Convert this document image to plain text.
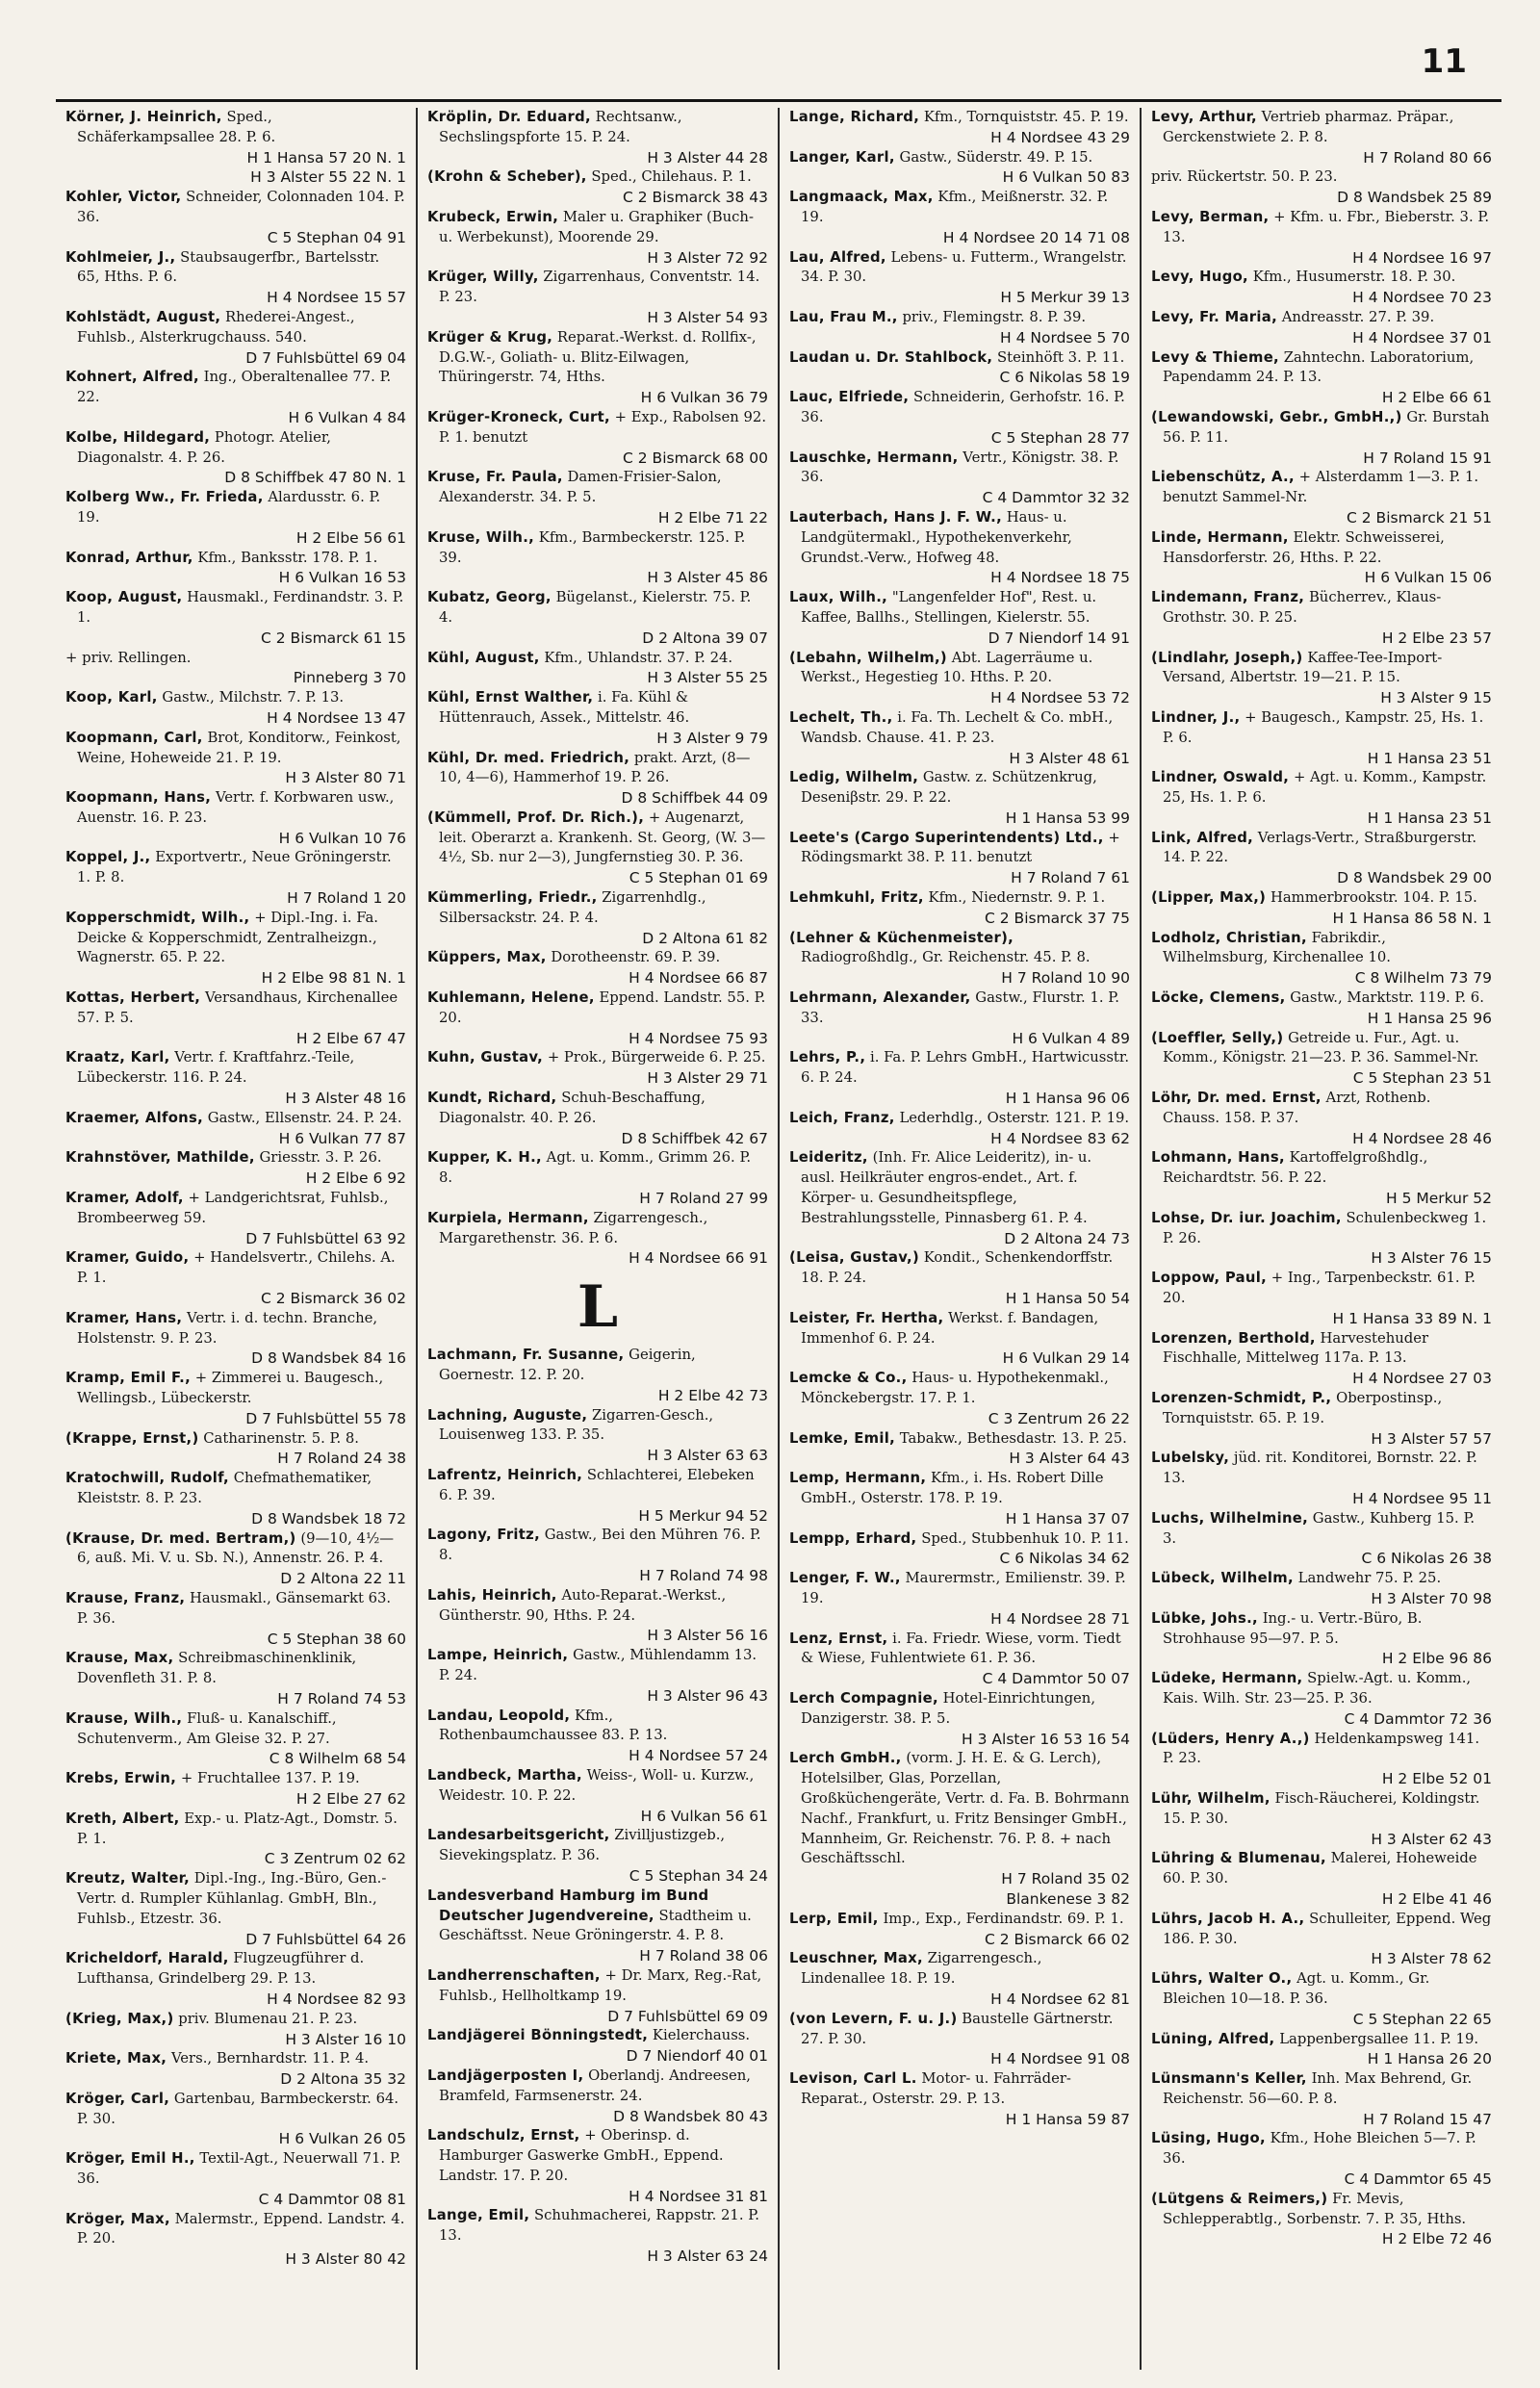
11

Körner, J. Heinrich, Sped., Schäferkampsallee 28. P. 6.
H 1 Hansa 57 20 N. 1
H 3 Alster 55 22 N. 1

Kohler, Victor, Schneider, Colonnaden 104. P. 36.
C 5 Stephan 04 91

Kohlmeier, J., Staubsaugerfbr., Bartelsstr. 65, Hths. P. 6.
H 4 Nordsee 15 57

Kohlstädt, August, Rhederei-Angest., Fuhlsb., Alsterkrugchauss. 540.
D 7 Fuhlsbüttel 69 04

Kohnert, Alfred, Ing., Oberaltenallee 77. P. 22.
H 6 Vulkan 4 84

Kolbe, Hildegard, Photogr. Atelier, Diagonalstr. 4. P. 26.
D 8 Schiffbek 47 80 N. 1

Kolberg Ww., Fr. Frieda, Alardusstr. 6. P. 19.
H 2 Elbe 56 61

Konrad, Arthur, Kfm., Banksstr. 178. P. 1.
H 6 Vulkan 16 53

Koop, August, Hausmakl., Ferdinandstr. 3. P. 1.
C 2 Bismarck 61 15

+ priv. Rellingen.
Pinneberg 3 70

Koop, Karl, Gastw., Milchstr. 7. P. 13.
H 4 Nordsee 13 47

Koopmann, Carl, Brot, Konditorw., Feinkost, Weine, Hoheweide 21. P. 19.
H 3 Alster 80 71

Koopmann, Hans, Vertr. f. Korbwaren usw., Auenstr. 16. P. 23.
H 6 Vulkan 10 76

Koppel, J., Exportvertr., Neue Gröningerstr. 1. P. 8.
H 7 Roland 1 20

Kopperschmidt, Wilh., + Dipl.-Ing. i. Fa. Deicke & Kopperschmidt, Zentralheizgn., Wagnerstr. 65. P. 22.
H 2 Elbe 98 81 N. 1

Kottas, Herbert, Versandhaus, Kirchenallee 57. P. 5.
H 2 Elbe 67 47

Kraatz, Karl, Vertr. f. Kraftfahrz.-Teile, Lübeckerstr. 116. P. 24.
H 3 Alster 48 16

Kraemer, Alfons, Gastw., Ellsenstr. 24. P. 24.
H 6 Vulkan 77 87

Krahnstöver, Mathilde, Griesstr. 3. P. 26.
H 2 Elbe 6 92

Kramer, Adolf, + Landgerichtsrat, Fuhlsb., Brombeerweg 59.
D 7 Fuhlsbüttel 63 92

Kramer, Guido, + Handelsvertr., Chilehs. A. P. 1.
C 2 Bismarck 36 02

Kramer, Hans, Vertr. i. d. techn. Branche, Holstenstr. 9. P. 23.
D 8 Wandsbek 84 16

Kramp, Emil F., + Zimmerei u. Baugesch., Wellingsb., Lübeckerstr.
D 7 Fuhlsbüttel 55 78

(Krappe, Ernst,) Catharinenstr. 5. P. 8.
H 7 Roland 24 38

Kratochwill, Rudolf, Chefmathematiker, Kleiststr. 8. P. 23.
D 8 Wandsbek 18 72

(Krause, Dr. med. Bertram,) (9—10, 4½—6, auß. Mi. V. u. Sb. N.), Annenstr. 26. P. 4.
D 2 Altona 22 11

Krause, Franz, Hausmakl., Gänsemarkt 63. P. 36.
C 5 Stephan 38 60

Krause, Max, Schreibmaschinenklinik, Dovenfleth 31. P. 8.
H 7 Roland 74 53

Krause, Wilh., Fluß- u. Kanalschiff., Schutenverm., Am Gleise 32. P. 27.
C 8 Wilhelm 68 54

Krebs, Erwin, + Fruchtallee 137. P. 19.
H 2 Elbe 27 62

Kreth, Albert, Exp.- u. Platz-Agt., Domstr. 5. P. 1.
C 3 Zentrum 02 62

Kreutz, Walter, Dipl.-Ing., Ing.-Büro, Gen.-Vertr. d. Rumpler Kühlanlag. GmbH, Bln., Fuhlsb., Etzestr. 36.
D 7 Fuhlsbüttel 64 26

Kricheldorf, Harald, Flugzeugführer d. Lufthansa, Grindelberg 29. P. 13.
H 4 Nordsee 82 93

(Krieg, Max,) priv. Blumenau 21. P. 23.
H 3 Alster 16 10

Kriete, Max, Vers., Bernhardstr. 11. P. 4.
D 2 Altona 35 32

Kröger, Carl, Gartenbau, Barmbeckerstr. 64. P. 30.
H 6 Vulkan 26 05

Kröger, Emil H., Textil-Agt., Neuerwall 71. P. 36.
C 4 Dammtor 08 81

Kröger, Max, Malermstr., Eppend. Landstr. 4. P. 20.
H 3 Alster 80 42

Kröplin, Dr. Eduard, Rechtsanw., Sechslingspforte 15. P. 24.
H 3 Alster 44 28

(Krohn & Scheber), Sped., Chilehaus. P. 1.
C 2 Bismarck 38 43

Krubeck, Erwin, Maler u. Graphiker (Buch- u. Werbekunst), Moorende 29.
H 3 Alster 72 92

Krüger, Willy, Zigarrenhaus, Conventstr. 14. P. 23.
H 3 Alster 54 93

Krüger & Krug, Reparat.-Werkst. d. Rollfix-, D.G.W.-, Goliath- u. Blitz-Eilwagen, Thüringerstr. 74, Hths.
H 6 Vulkan 36 79

Krüger-Kroneck, Curt, + Exp., Rabolsen 92. P. 1. benutzt
C 2 Bismarck 68 00

Kruse, Fr. Paula, Damen-Frisier-Salon, Alexanderstr. 34. P. 5.
H 2 Elbe 71 22

Kruse, Wilh., Kfm., Barmbeckerstr. 125. P. 39.
H 3 Alster 45 86

Kubatz, Georg, Bügelanst., Kielerstr. 75. P. 4.
D 2 Altona 39 07

Kühl, August, Kfm., Uhlandstr. 37. P. 24.
H 3 Alster 55 25

Kühl, Ernst Walther, i. Fa. Kühl & Hüttenrauch, Assek., Mittelstr. 46.
H 3 Alster 9 79

Kühl, Dr. med. Friedrich, prakt. Arzt, (8—10, 4—6), Hammerhof 19. P. 26.
D 8 Schiffbek 44 09

(Kümmell, Prof. Dr. Rich.), + Augenarzt, leit. Oberarzt a. Krankenh. St. Georg, (W. 3—4½, Sb. nur 2—3), Jungfernstieg 30. P. 36.
C 5 Stephan 01 69

Kümmerling, Friedr., Zigarrenhdlg., Silbersackstr. 24. P. 4.
D 2 Altona 61 82

Küppers, Max, Dorotheenstr. 69. P. 39.
H 4 Nordsee 66 87

Kuhlemann, Helene, Eppend. Landstr. 55. P. 20.
H 4 Nordsee 75 93

Kuhn, Gustav, + Prok., Bürgerweide 6. P. 25.
H 3 Alster 29 71

Kundt, Richard, Schuh-Beschaffung, Diagonalstr. 40. P. 26.
D 8 Schiffbek 42 67

Kupper, K. H., Agt. u. Komm., Grimm 26. P. 8.
H 7 Roland 27 99

Kurpiela, Hermann, Zigarrengesch., Margarethenstr. 36. P. 6.
H 4 Nordsee 66 91

L

Lachmann, Fr. Susanne, Geigerin, Goernestr. 12. P. 20.
H 2 Elbe 42 73

Lachning, Auguste, Zigarren-Gesch., Louisenweg 133. P. 35.
H 3 Alster 63 63

Lafrentz, Heinrich, Schlachterei, Elebeken 6. P. 39.
H 5 Merkur 94 52

Lagony, Fritz, Gastw., Bei den Mühren 76. P. 8.
H 7 Roland 74 98

Lahis, Heinrich, Auto-Reparat.-Werkst., Güntherstr. 90, Hths. P. 24.
H 3 Alster 56 16

Lampe, Heinrich, Gastw., Mühlendamm 13. P. 24.
H 3 Alster 96 43

Landau, Leopold, Kfm., Rothenbaumchaussee 83. P. 13.
H 4 Nordsee 57 24

Landbeck, Martha, Weiss-, Woll- u. Kurzw., Weidestr. 10. P. 22.
H 6 Vulkan 56 61

Landesarbeitsgericht, Zivilljustizgeb., Sievekingsplatz. P. 36.
C 5 Stephan 34 24

Landesverband Hamburg im Bund Deutscher Jugendvereine, Stadtheim u. Geschäftsst. Neue Gröningerstr. 4. P. 8.
H 7 Roland 38 06

Landherrenschaften, + Dr. Marx, Reg.-Rat, Fuhlsb., Hellholtkamp 19.
D 7 Fuhlsbüttel 69 09

Landjägerei Bönningstedt, Kielerchauss.
D 7 Niendorf 40 01

Landjägerposten I, Oberlandj. Andreesen, Bramfeld, Farmsenerstr. 24.
D 8 Wandsbek 80 43

Landschulz, Ernst, + Oberinsp. d. Hamburger Gaswerke GmbH., Eppend. Landstr. 17. P. 20.
H 4 Nordsee 31 81

Lange, Emil, Schuhmacherei, Rappstr. 21. P. 13.
H 3 Alster 63 24

Lange, Richard, Kfm., Tornquiststr. 45. P. 19.
H 4 Nordsee 43 29

Langer, Karl, Gastw., Süderstr. 49. P. 15.
H 6 Vulkan 50 83

Langmaack, Max, Kfm., Meißnerstr. 32. P. 19.
H 4 Nordsee 20 14 71 08

Lau, Alfred, Lebens- u. Futterm., Wrangelstr. 34. P. 30.
H 5 Merkur 39 13

Lau, Frau M., priv., Flemingstr. 8. P. 39.
H 4 Nordsee 5 70

Laudan u. Dr. Stahlbock, Steinhöft 3. P. 11.
C 6 Nikolas 58 19

Lauc, Elfriede, Schneiderin, Gerhofstr. 16. P. 36.
C 5 Stephan 28 77

Lauschke, Hermann, Vertr., Königstr. 38. P. 36.
C 4 Dammtor 32 32

Lauterbach, Hans J. F. W., Haus- u. Landgütermakl., Hypothekenverkehr, Grundst.-Verw., Hofweg 48.
H 4 Nordsee 18 75

Laux, Wilh., "Langenfelder Hof", Rest. u. Kaffee, Ballhs., Stellingen, Kielerstr. 55.
D 7 Niendorf 14 91

(Lebahn, Wilhelm,) Abt. Lagerräume u. Werkst., Hegestieg 10. Hths. P. 20.
H 4 Nordsee 53 72

Lechelt, Th., i. Fa. Th. Lechelt & Co. mbH., Wandsb. Chause. 41. P. 23.
H 3 Alster 48 61

Ledig, Wilhelm, Gastw. z. Schützenkrug, Deseniβstr. 29. P. 22.
H 1 Hansa 53 99

Leete's (Cargo Superintendents) Ltd., + Rödingsmarkt 38. P. 11. benutzt
H 7 Roland 7 61

Lehmkuhl, Fritz, Kfm., Niedernstr. 9. P. 1.
C 2 Bismarck 37 75

(Lehner & Küchenmeister), Radiogroßhdlg., Gr. Reichenstr. 45. P. 8.
H 7 Roland 10 90

Lehrmann, Alexander, Gastw., Flurstr. 1. P. 33.
H 6 Vulkan 4 89

Lehrs, P., i. Fa. P. Lehrs GmbH., Hartwicusstr. 6. P. 24.
H 1 Hansa 96 06

Leich, Franz, Lederhdlg., Osterstr. 121. P. 19.
H 4 Nordsee 83 62

Leideritz, (Inh. Fr. Alice Leideritz), in- u. ausl. Heilkräuter engros-endet., Art. f. Körper- u. Gesundheitspflege, Bestrahlungsstelle, Pinnasberg 61. P. 4.
D 2 Altona 24 73

(Leisa, Gustav,) Kondit., Schenkendorffstr. 18. P. 24.
H 1 Hansa 50 54

Leister, Fr. Hertha, Werkst. f. Bandagen, Immenhof 6. P. 24.
H 6 Vulkan 29 14

Lemcke & Co., Haus- u. Hypothekenmakl., Mönckebergstr. 17. P. 1.
C 3 Zentrum 26 22

Lemke, Emil, Tabakw., Bethesdastr. 13. P. 25.
H 3 Alster 64 43

Lemp, Hermann, Kfm., i. Hs. Robert Dille GmbH., Osterstr. 178. P. 19.
H 1 Hansa 37 07

Lempp, Erhard, Sped., Stubbenhuk 10. P. 11.
C 6 Nikolas 34 62

Lenger, F. W., Maurermstr., Emilienstr. 39. P. 19.
H 4 Nordsee 28 71

Lenz, Ernst, i. Fa. Friedr. Wiese, vorm. Tiedt & Wiese, Fuhlentwiete 61. P. 36.
C 4 Dammtor 50 07

Lerch Compagnie, Hotel-Einrichtungen, Danzigerstr. 38. P. 5.
H 3 Alster 16 53 16 54

Lerch GmbH., (vorm. J. H. E. & G. Lerch), Hotelsilber, Glas, Porzellan, Großküchengeräte, Vertr. d. Fa. B. Bohrmann Nachf., Frankfurt, u. Fritz Bensinger GmbH., Mannheim, Gr. Reichenstr. 76. P. 8. + nach Geschäftsschl.
H 7 Roland 35 02
Blankenese 3 82

Lerp, Emil, Imp., Exp., Ferdinandstr. 69. P. 1.
C 2 Bismarck 66 02

Leuschner, Max, Zigarrengesch., Lindenallee 18. P. 19.
H 4 Nordsee 62 81

(von Levern, F. u. J.) Baustelle Gärtnerstr. 27. P. 30.
H 4 Nordsee 91 08

Levison, Carl L. Motor- u. Fahrräder-Reparat., Osterstr. 29. P. 13.
H 1 Hansa 59 87

Levy, Arthur, Vertrieb pharmaz. Präpar., Gerckenstwiete 2. P. 8.
H 7 Roland 80 66

priv. Rückertstr. 50. P. 23.
D 8 Wandsbek 25 89

Levy, Berman, + Kfm. u. Fbr., Bieberstr. 3. P. 13.
H 4 Nordsee 16 97

Levy, Hugo, Kfm., Husumerstr. 18. P. 30.
H 4 Nordsee 70 23

Levy, Fr. Maria, Andreasstr. 27. P. 39.
H 4 Nordsee 37 01

Levy & Thieme, Zahntechn. Laboratorium, Papendamm 24. P. 13.
H 2 Elbe 66 61

(Lewandowski, Gebr., GmbH.,) Gr. Burstah 56. P. 11.
H 7 Roland 15 91

Liebenschütz, A., + Alsterdamm 1—3. P. 1. benutzt Sammel-Nr.
C 2 Bismarck 21 51

Linde, Hermann, Elektr. Schweisserei, Hansdorferstr. 26, Hths. P. 22.
H 6 Vulkan 15 06

Lindemann, Franz, Bücherrev., Klaus-Grothstr. 30. P. 25.
H 2 Elbe 23 57

(Lindlahr, Joseph,) Kaffee-Tee-Import-Versand, Albertstr. 19—21. P. 15.
H 3 Alster 9 15

Lindner, J., + Baugesch., Kampstr. 25, Hs. 1. P. 6.
H 1 Hansa 23 51

Lindner, Oswald, + Agt. u. Komm., Kampstr. 25, Hs. 1. P. 6.
H 1 Hansa 23 51

Link, Alfred, Verlags-Vertr., Straßburgerstr. 14. P. 22.
D 8 Wandsbek 29 00

(Lipper, Max,) Hammerbrookstr. 104. P. 15.
H 1 Hansa 86 58 N. 1

Lodholz, Christian, Fabrikdir., Wilhelmsburg, Kirchenallee 10.
C 8 Wilhelm 73 79

Löcke, Clemens, Gastw., Marktstr. 119. P. 6.
H 1 Hansa 25 96

(Loeffler, Selly,) Getreide u. Fur., Agt. u. Komm., Königstr. 21—23. P. 36. Sammel-Nr.
C 5 Stephan 23 51

Löhr, Dr. med. Ernst, Arzt, Rothenb. Chauss. 158. P. 37.
H 4 Nordsee 28 46

Lohmann, Hans, Kartoffelgroßhdlg., Reichardtstr. 56. P. 22.
H 5 Merkur 52

Lohse, Dr. iur. Joachim, Schulenbeckweg 1. P. 26.
H 3 Alster 76 15

Loppow, Paul, + Ing., Tarpenbeckstr. 61. P. 20.
H 1 Hansa 33 89 N. 1

Lorenzen, Berthold, Harvestehuder Fischhalle, Mittelweg 117a. P. 13.
H 4 Nordsee 27 03

Lorenzen-Schmidt, P., Oberpostinsp., Tornquiststr. 65. P. 19.
H 3 Alster 57 57

Lubelsky, jüd. rit. Konditorei, Bornstr. 22. P. 13.
H 4 Nordsee 95 11

Luchs, Wilhelmine, Gastw., Kuhberg 15. P. 3.
C 6 Nikolas 26 38

Lübeck, Wilhelm, Landwehr 75. P. 25.
H 3 Alster 70 98

Lübke, Johs., Ing.- u. Vertr.-Büro, B. Strohhause 95—97. P. 5.
H 2 Elbe 96 86

Lüdeke, Hermann, Spielw.-Agt. u. Komm., Kais. Wilh. Str. 23—25. P. 36.
C 4 Dammtor 72 36

(Lüders, Henry A.,) Heldenkampsweg 141. P. 23.
H 2 Elbe 52 01

Lühr, Wilhelm, Fisch-Räucherei, Koldingstr. 15. P. 30.
H 3 Alster 62 43

Lühring & Blumenau, Malerei, Hoheweide 60. P. 30.
H 2 Elbe 41 46

Lührs, Jacob H. A., Schulleiter, Eppend. Weg 186. P. 30.
H 3 Alster 78 62

Lührs, Walter O., Agt. u. Komm., Gr. Bleichen 10—18. P. 36.
C 5 Stephan 22 65

Lüning, Alfred, Lappenbergsallee 11. P. 19.
H 1 Hansa 26 20

Lünsmann's Keller, Inh. Max Behrend, Gr. Reichenstr. 56—60. P. 8.
H 7 Roland 15 47

Lüsing, Hugo, Kfm., Hohe Bleichen 5—7. P. 36.
C 4 Dammtor 65 45

(Lütgens & Reimers,) Fr. Mevis, Schlepperabtlg., Sorbenstr. 7. P. 35, Hths.
H 2 Elbe 72 46
